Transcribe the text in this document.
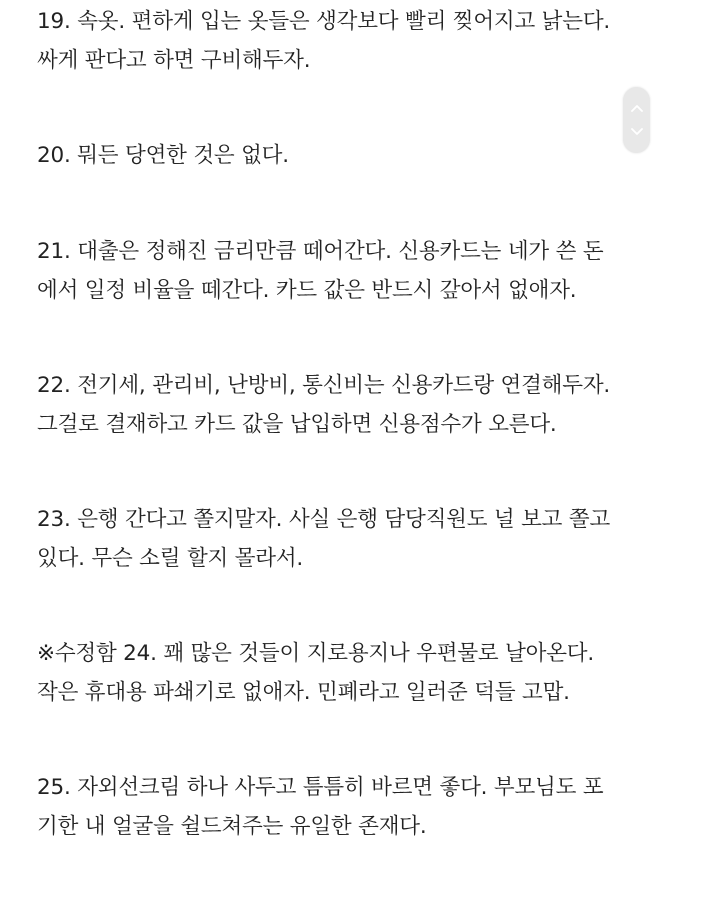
19. 속옷. 편하게 입는 옷들은 생각보다 빨리 찢어지고 낡는다.
싸게 판다고 하면 구비해두자.

20. 뭐든 당연한 것은 없다.

21. 대출은 정해진 금리만큼 떼어간다. 신용카드는 네가 쓴 돈
에서 일정 비율을 떼간다. 카드 값은 반드시 갚아서 없애자.

22. 전기세, 관리비, 난방비, 통신비는 신용카드랑 연결해두자.
그걸로 결재하고 카드 값을 납입하면 신용점수가 오른다.

23. 은행 간다고 쫄지말자. 사실 은행 담당직원도 널 보고 쫄고
있다. 무슨 소릴 할지 몰라서.

※수정함 24. 꽤 많은 것들이 지로용지나 우편물로 날아온다.
작은 휴대용 파쇄기로 없애자. 민폐라고 일러준 덕들 고맙.

25. 자외선크림 하나 사두고 틈틈히 바르면 좋다. 부모님도 포
기한 내 얼굴을 쉴드쳐주는 유일한 존재다.
